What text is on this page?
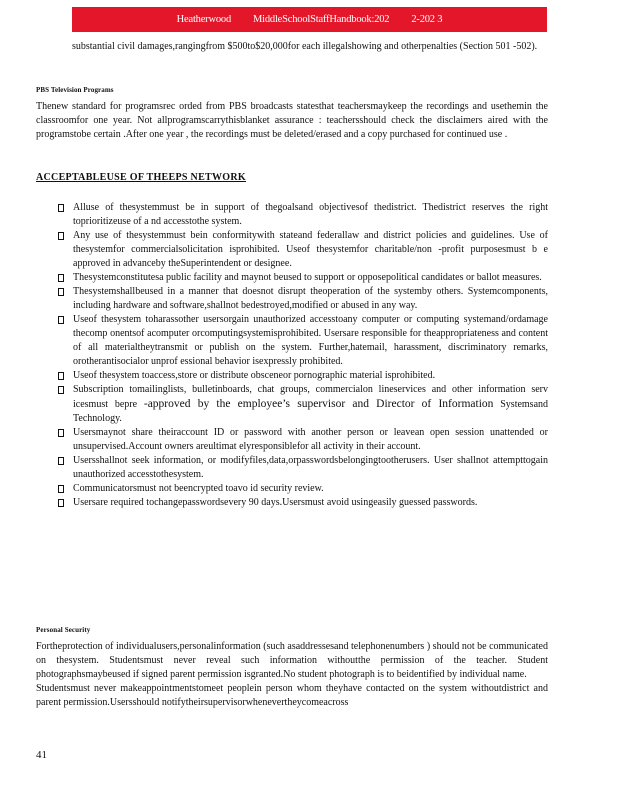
Heatherwood MiddleSchoolStaffHandbook:202 2-202 3

substantial civil damages,rangingfrom $500to$20,000for each illegalshowing and otherpenalties (Section 501 -502).

PBS Television Programs

Thenew standard for programsrec orded from PBS broadcasts statesthat teachersmaykeep the recordings and usethemin the classroomfor one year. Not allprogramscarrythisblanket assurance : teachersshould check the disclaimers aired with the programstobe certain .After one year , the recordings must be deleted/erased and a copy purchased for continued use .

ACCEPTABLEUSE OF THEEPS NETWORK
Alluse of thesystemmust be in support of thegoalsand objectivesof thedistrict. Thedistrict reserves the right toprioritizeuse of a nd accesstothe system.
Any use of thesystemmust bein conformitywith stateand federallaw and district policies and guidelines. Use of thesystemfor commercialsolicitation isprohibited. Useof thesystemfor charitable/non -profit purposesmust b e approved in advanceby theSuperintendent or designee.
Thesystemconstitutesa public facility and maynot beused to support or opposepolitical candidates or ballot measures.
Thesystemshallbeused in a manner that doesnot disrupt theoperation of the systemby others. Systemcomponents, including hardware and software,shallnot bedestroyed,modified or abused in any way.
Useof thesystem toharassother usersorgain unauthorized accesstoany computer or computing systemand/ordamage thecomp onentsof acomputer orcomputingsystemisprohibited. Usersare responsible for theappropriateness and content of all materialtheytransmit or publish on the system. Further,hatemail, harassment, discriminatory remarks, orotherantisocialor unprof essional behavior isexpressly prohibited.
Useof thesystem toaccess,store or distribute obsceneor pornographic material isprohibited.
Subscription tomailinglists, bulletinboards, chat groups, commercialon lineservices and other information serv icesmust bepre -approved by the employee’s supervisor and Director of Information Systemsand Technology.
Usersmaynot share theiraccount ID or password with another person or leavean open session unattended or unsupervised.Account owners areultimat elyresponsiblefor all activity in their account.
Usersshallnot seek information, or modifyfiles,data,orpasswordsbelongingtootherusers. User shallnot attempttogain unauthorized accesstothesystem.
Communicatorsmust not beencrypted toavo id security review.
Usersare required tochangepasswordsevery 90 days.Usersmust avoid usingeasily guessed passwords.

Personal Security

Fortheprotection of individualusers,personalinformation (such asaddressesand telephonenumbers ) should not be communicated on thesystem. Studentsmust never reveal such information withoutthe permission of the teacher. Student photographsmaybeused if signed parent permission isgranted.No student photograph is to beidentified by individual name.

Studentsmust never makeappointmentstomeet peoplein person whom theyhave contacted on the system withoutdistrict and parent permission.Usersshould notifytheirsupervisorwhenevertheycomeacross

41
